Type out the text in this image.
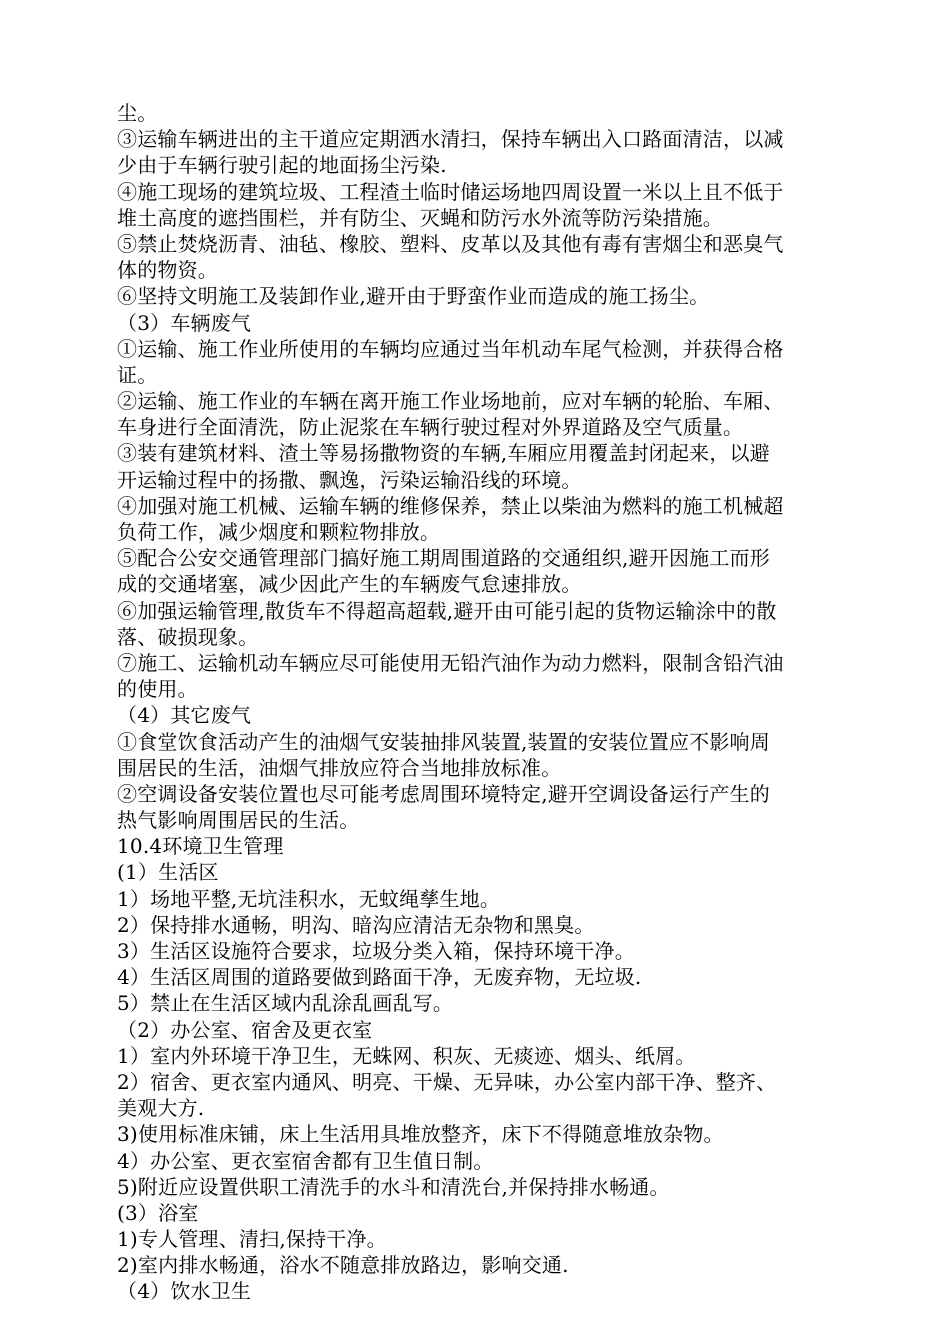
尘。
③运输车辆进出的主干道应定期洒水清扫，保持车辆出入口路面清洁，以减
少由于车辆行驶引起的地面扬尘污染.
④施工现场的建筑垃圾、工程渣土临时储运场地四周设置一米以上且不低于
堆土高度的遮挡围栏，并有防尘、灭蝇和防污水外流等防污染措施。
⑤禁止焚烧沥青、油毡、橡胶、塑料、皮革以及其他有毒有害烟尘和恶臭气
体的物资。
⑥坚持文明施工及装卸作业,避开由于野蛮作业而造成的施工扬尘。
（3）车辆废气
①运输、施工作业所使用的车辆均应通过当年机动车尾气检测，并获得合格
证。
②运输、施工作业的车辆在离开施工作业场地前，应对车辆的轮胎、车厢、
车身进行全面清洗，防止泥浆在车辆行驶过程对外界道路及空气质量。
③装有建筑材料、渣土等易扬撒物资的车辆,车厢应用覆盖封闭起来，以避
开运输过程中的扬撒、飘逸，污染运输沿线的环境。
④加强对施工机械、运输车辆的维修保养，禁止以柴油为燃料的施工机械超
负荷工作，减少烟度和颗粒物排放。
⑤配合公安交通管理部门搞好施工期周围道路的交通组织,避开因施工而形
成的交通堵塞，减少因此产生的车辆废气怠速排放。
⑥加强运输管理,散货车不得超高超载,避开由可能引起的货物运输涂中的散
落、破损现象。
⑦施工、运输机动车辆应尽可能使用无铅汽油作为动力燃料，限制含铅汽油
的使用。
（4）其它废气
①食堂饮食活动产生的油烟气安装抽排风装置,装置的安装位置应不影响周
围居民的生活，油烟气排放应符合当地排放标准。
②空调设备安装位置也尽可能考虑周围环境特定,避开空调设备运行产生的
热气影响周围居民的生活。
10.4环境卫生管理
(1）生活区
1）场地平整,无坑洼积水，无蚊绳孳生地。
2）保持排水通畅，明沟、暗沟应清洁无杂物和黑臭。
3）生活区设施符合要求，垃圾分类入箱，保持环境干净。
4）生活区周围的道路要做到路面干净，无废弃物，无垃圾.
5）禁止在生活区域内乱涂乱画乱写。
（2）办公室、宿舍及更衣室
1）室内外环境干净卫生，无蛛网、积灰、无痰迹、烟头、纸屑。
2）宿舍、更衣室内通风、明亮、干燥、无异味，办公室内部干净、整齐、
美观大方.
3)使用标准床铺，床上生活用具堆放整齐，床下不得随意堆放杂物。
4）办公室、更衣室宿舍都有卫生值日制。
5)附近应设置供职工清洗手的水斗和清洗台,并保持排水畅通。
(3）浴室
1)专人管理、清扫,保持干净。
2)室内排水畅通，浴水不随意排放路边，影响交通.
（4）饮水卫生
